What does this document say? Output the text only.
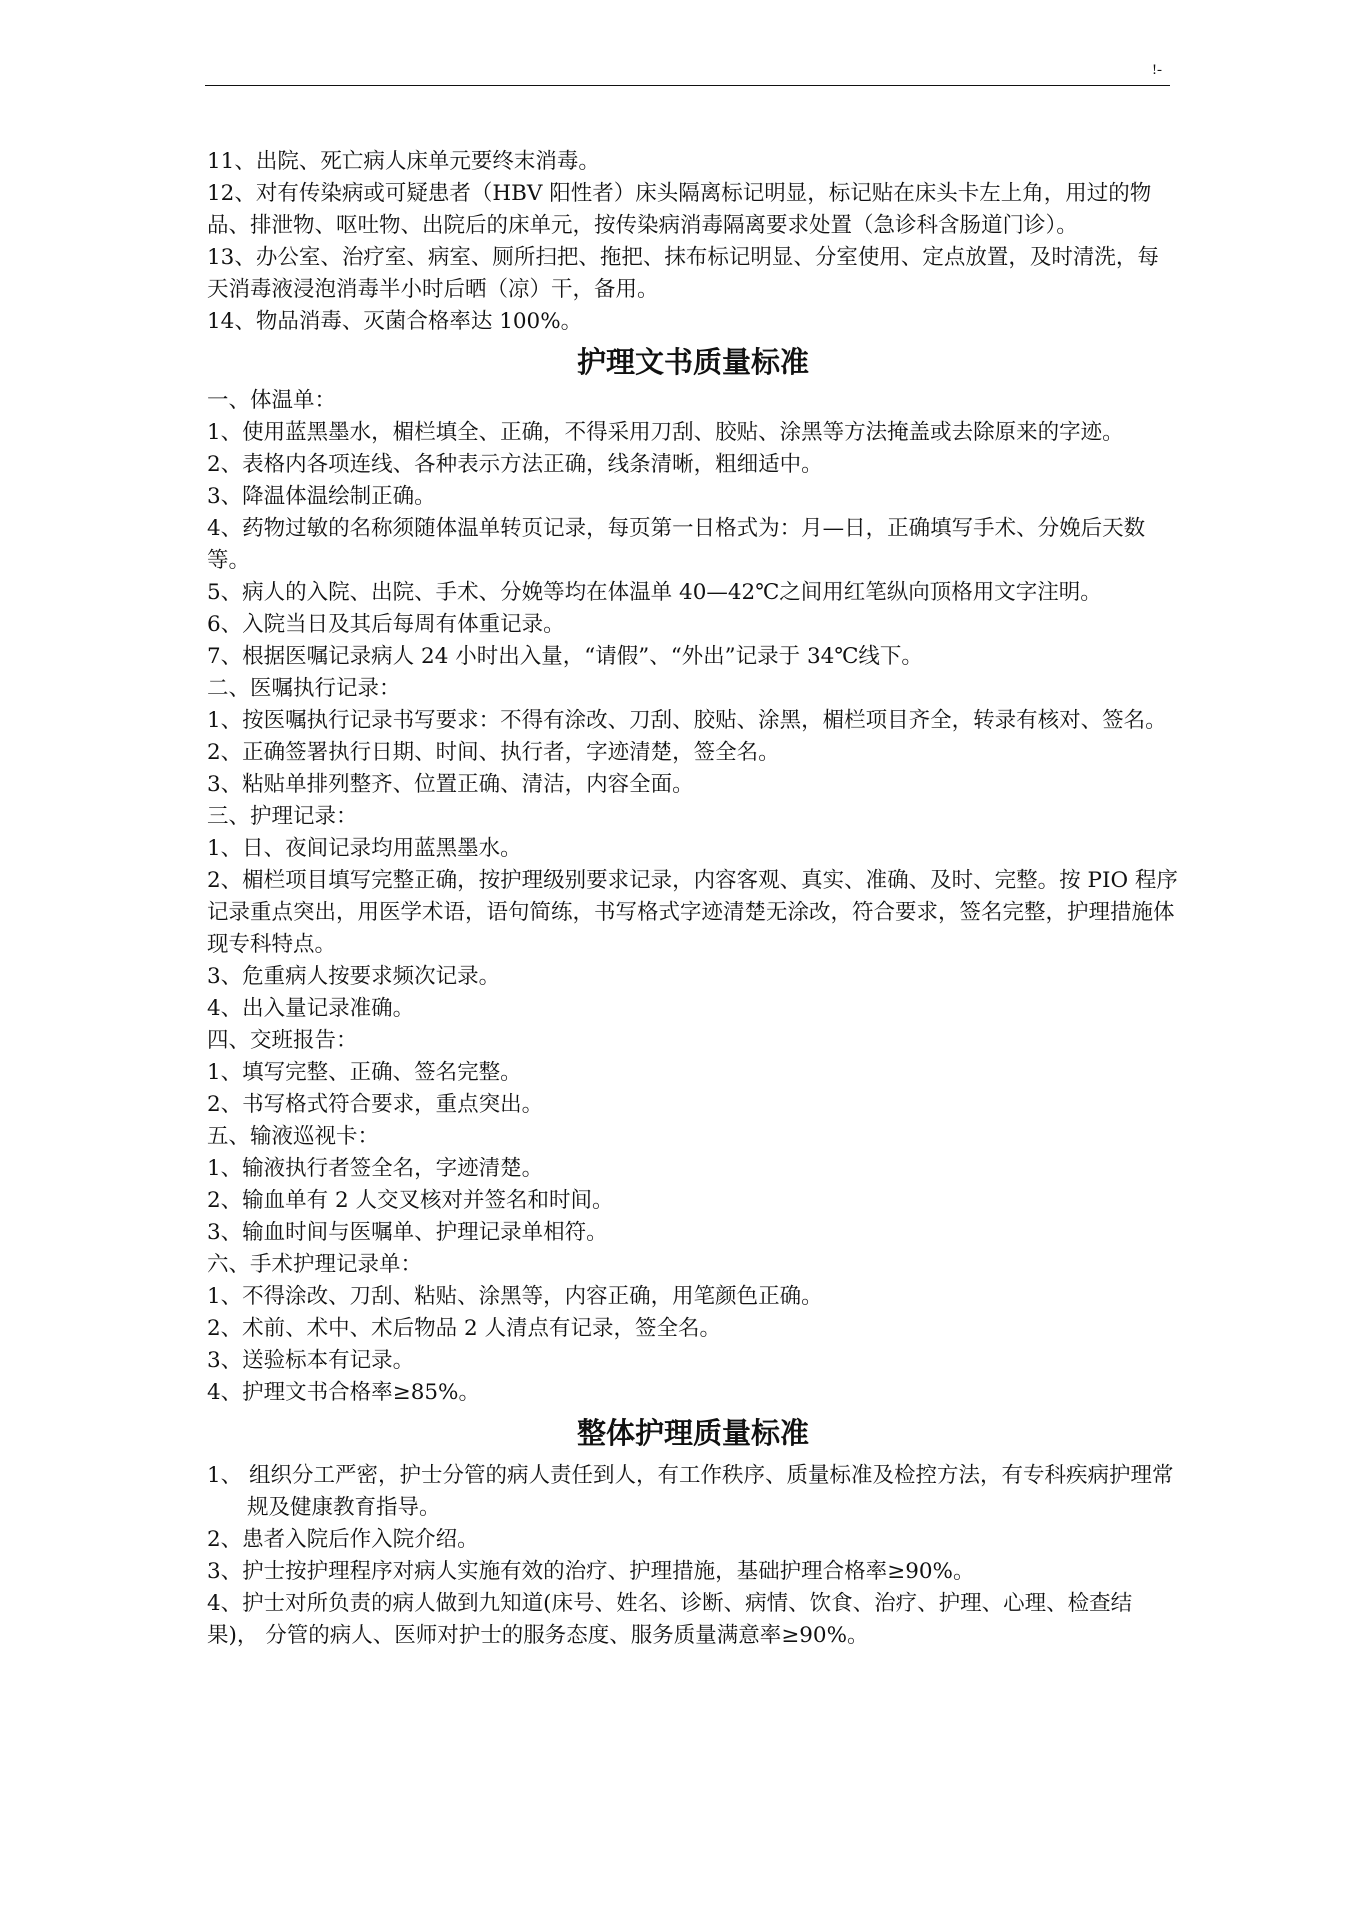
!-

11、出院、死亡病人床单元要终末消毒。

12、对有传染病或可疑患者（HBV 阳性者）床头隔离标记明显，标记贴在床头卡左上角，用过的物品、排泄物、呕吐物、出院后的床单元，按传染病消毒隔离要求处置（急诊科含肠道门诊）。

13、办公室、治疗室、病室、厕所扫把、拖把、抹布标记明显、分室使用、定点放置，及时清洗，每天消毒液浸泡消毒半小时后晒（凉）干，备用。

14、物品消毒、灭菌合格率达 100%。

护理文书质量标准

一、体温单：

1、使用蓝黑墨水，楣栏填全、正确，不得采用刀刮、胶贴、涂黑等方法掩盖或去除原来的字迹。

2、表格内各项连线、各种表示方法正确，线条清晰，粗细适中。

3、降温体温绘制正确。

4、药物过敏的名称须随体温单转页记录，每页第一日格式为：月—日，正确填写手术、分娩后天数等。

5、病人的入院、出院、手术、分娩等均在体温单 40—42℃之间用红笔纵向顶格用文字注明。

6、入院当日及其后每周有体重记录。

7、根据医嘱记录病人 24 小时出入量，“请假”、“外出”记录于 34℃线下。

二、医嘱执行记录：

1、按医嘱执行记录书写要求：不得有涂改、刀刮、胶贴、涂黑，楣栏项目齐全，转录有核对、签名。

2、正确签署执行日期、时间、执行者，字迹清楚，签全名。

3、粘贴单排列整齐、位置正确、清洁，内容全面。

三、护理记录：

1、日、夜间记录均用蓝黑墨水。

2、楣栏项目填写完整正确，按护理级别要求记录，内容客观、真实、准确、及时、完整。按 PIO 程序记录重点突出，用医学术语，语句简练，书写格式字迹清楚无涂改，符合要求，签名完整，护理措施体现专科特点。

3、危重病人按要求频次记录。

4、出入量记录准确。

四、交班报告：

1、填写完整、正确、签名完整。

2、书写格式符合要求，重点突出。

五、输液巡视卡：

1、输液执行者签全名，字迹清楚。

2、输血单有 2 人交叉核对并签名和时间。

3、输血时间与医嘱单、护理记录单相符。

六、手术护理记录单：

1、不得涂改、刀刮、粘贴、涂黑等，内容正确，用笔颜色正确。

2、术前、术中、术后物品 2 人清点有记录，签全名。

3、送验标本有记录。

4、护理文书合格率≥85%。

整体护理质量标准

1、 组织分工严密，护士分管的病人责任到人，有工作秩序、质量标准及检控方法，有专科疾病护理常规及健康教育指导。

2、患者入院后作入院介绍。

3、护士按护理程序对病人实施有效的治疗、护理措施，基础护理合格率≥90%。

4、护士对所负责的病人做到九知道(床号、姓名、诊断、病情、饮食、治疗、护理、心理、检查结果)， 分管的病人、医师对护士的服务态度、服务质量满意率≥90%。
